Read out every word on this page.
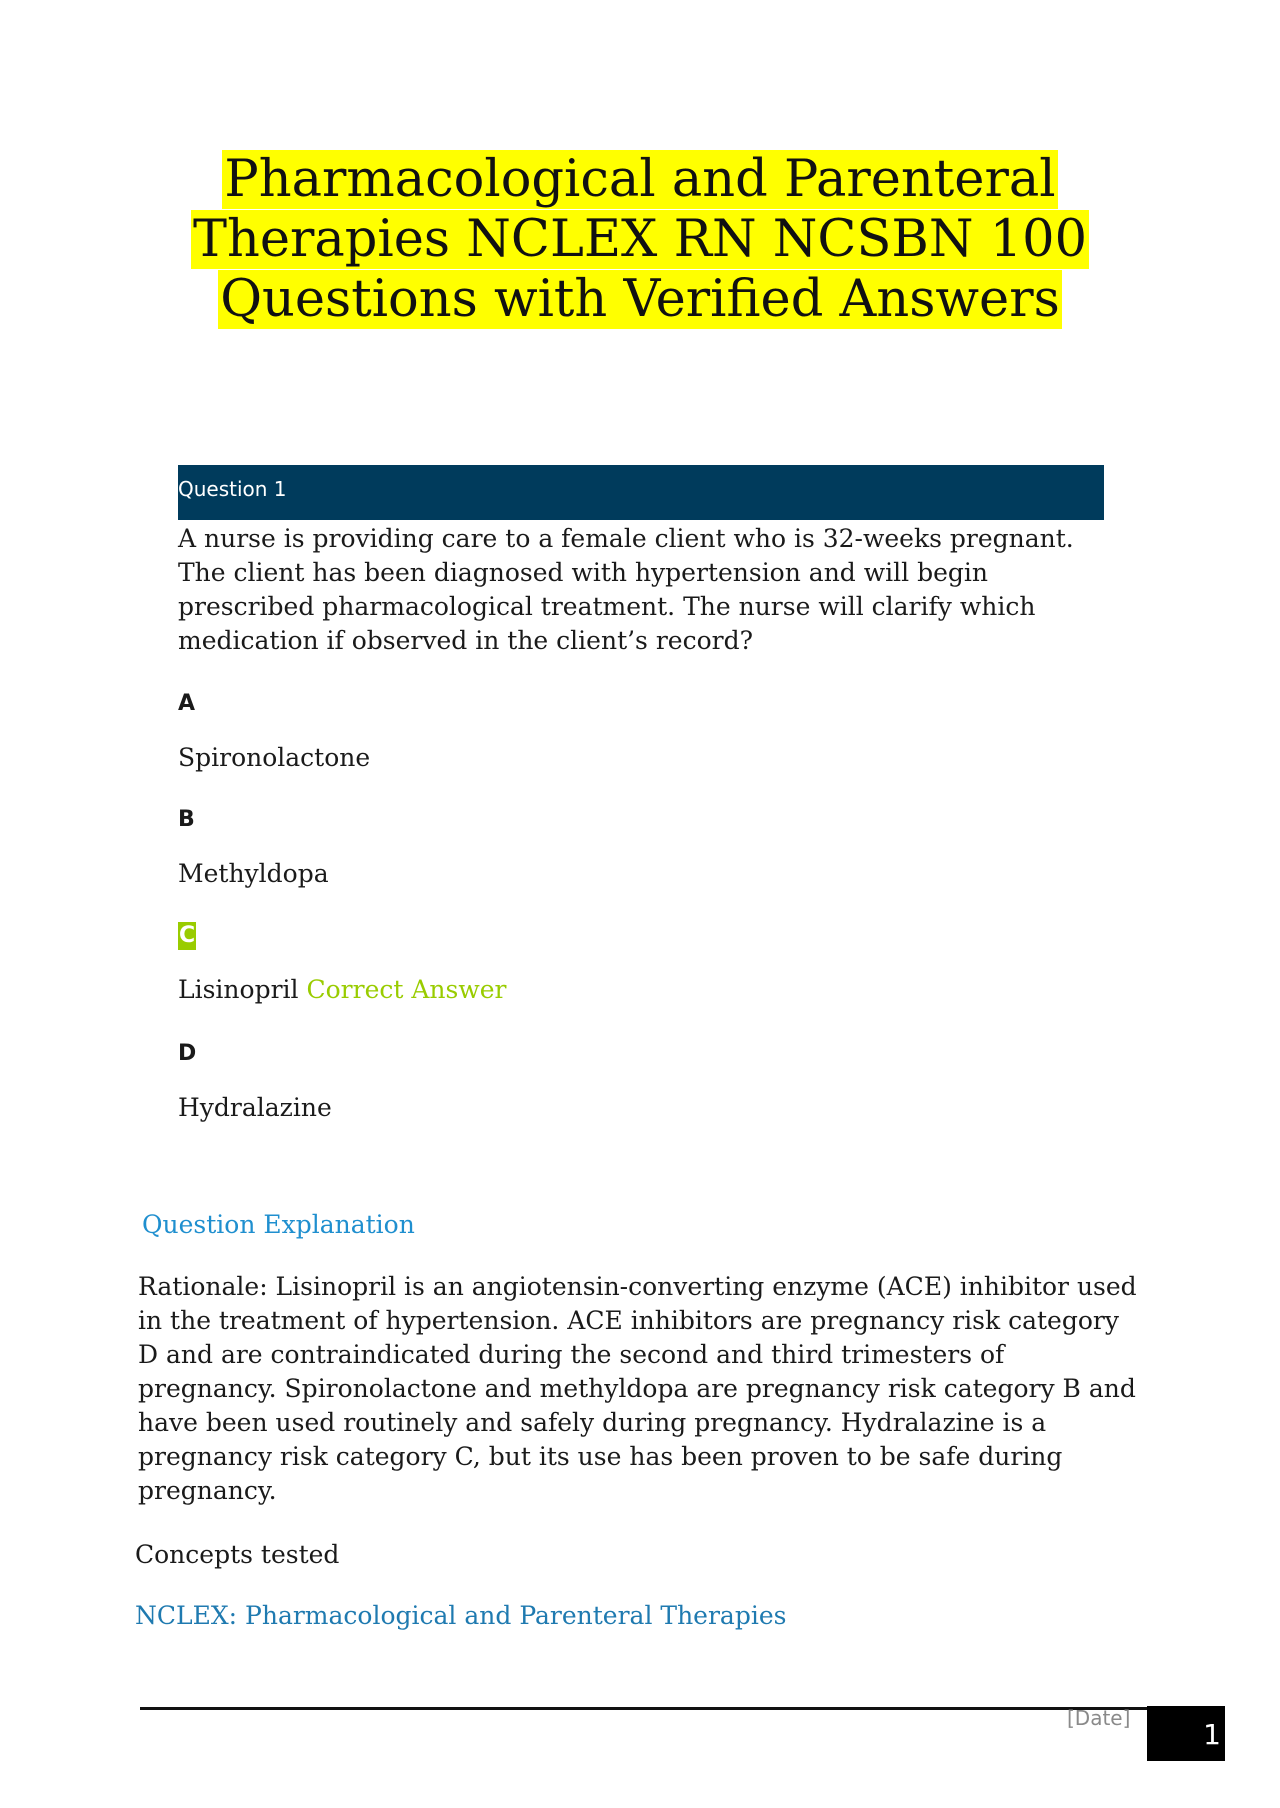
Pharmacological and Parenteral
Therapies NCLEX RN NCSBN 100
Questions with Verified Answers
Question 1
A nurse is providing care to a female client who is 32-weeks pregnant. The client has been diagnosed with hypertension and will begin prescribed pharmacological treatment. The nurse will clarify which medication if observed in the client’s record?
A
Spironolactone
B
Methyldopa
C
Lisinopril Correct Answer
D
Hydralazine
Question Explanation
Rationale: Lisinopril is an angiotensin-converting enzyme (ACE) inhibitor used in the treatment of hypertension. ACE inhibitors are pregnancy risk category D and are contraindicated during the second and third trimesters of pregnancy. Spironolactone and methyldopa are pregnancy risk category B and have been used routinely and safely during pregnancy. Hydralazine is a pregnancy risk category C, but its use has been proven to be safe during pregnancy.
Concepts tested
NCLEX: Pharmacological and Parenteral Therapies
[Date]	1
